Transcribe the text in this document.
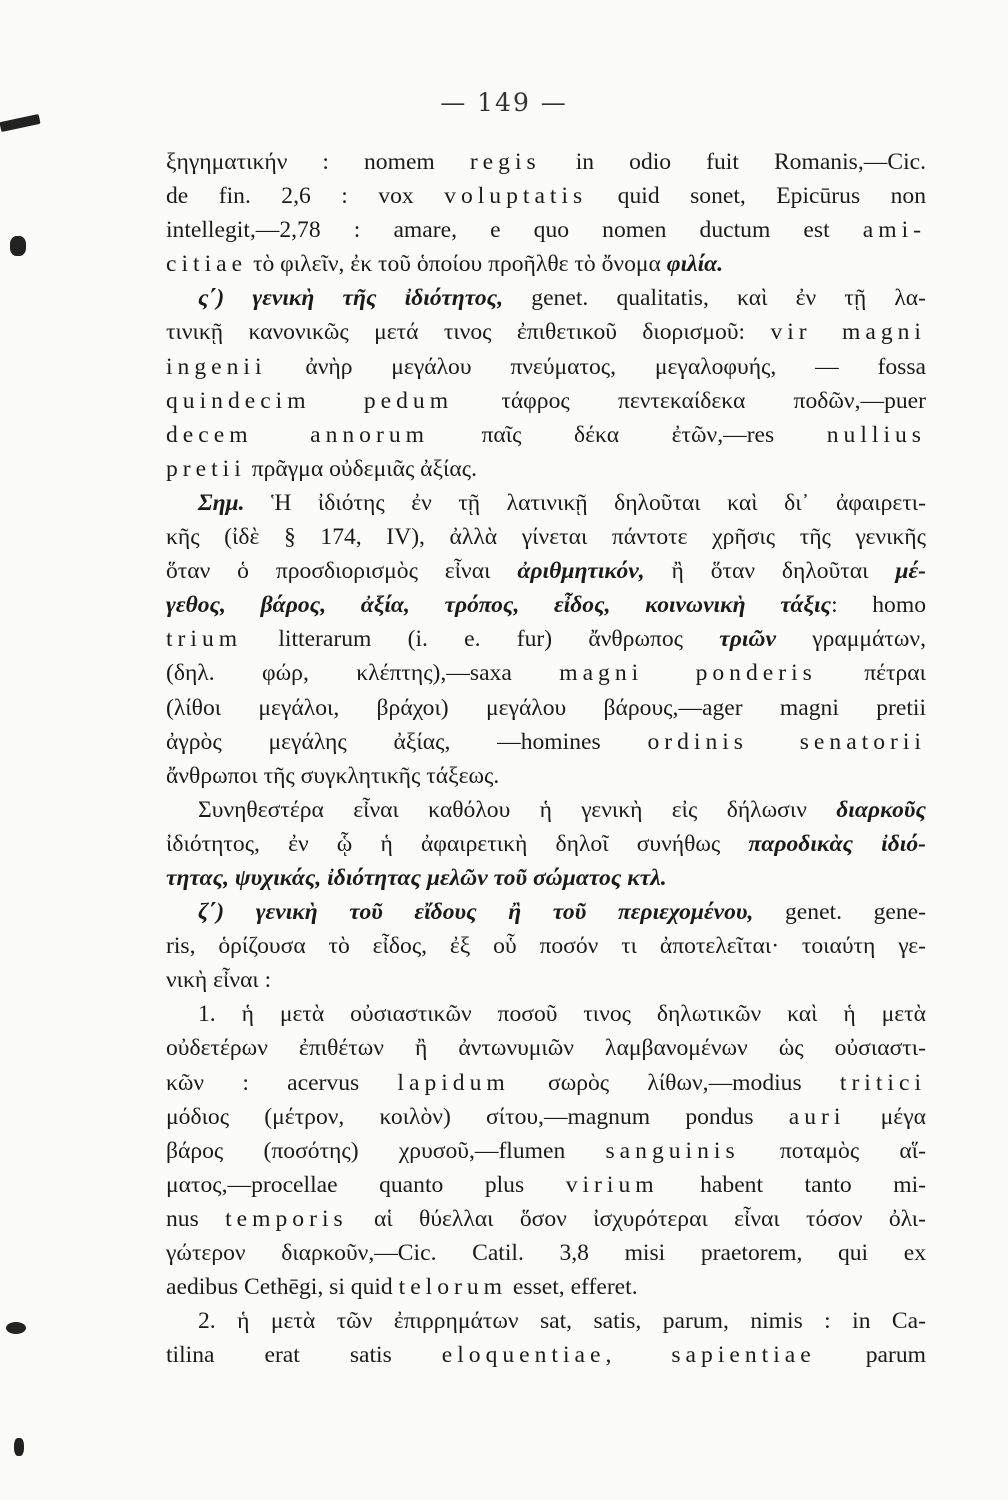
— 149 —
ξηγηματικήν : nomem regis in odio fuit Romanis,—Cic.
de fin. 2,6 : vox voluptatis quid sonet, Epicūrus non
intellegit,—2,78 : amare, e quo nomen ductum est ami-
citiae τὸ φιλεῖν, ἐκ τοῦ ὁποίου προῆλθε τὸ ὄνομα φιλία.
ς΄) γενικὴ τῆς ἰδιότητος, genet. qualitatis, καὶ ἐν τῇ λα-
τινικῇ κανονικῶς μετά τινος ἐπιθετικοῦ διορισμοῦ: vir magni
ingenii ἀνὴρ μεγάλου πνεύματος, μεγαλοφυής, — fossa
quindecim pedum τάφρος πεντεκαίδεκα ποδῶν,—puer
decem annorum παῖς δέκα ἐτῶν,—res nullius
pretii πρᾶγμα οὐδεμιᾶς ἀξίας.
Σημ. Ἡ ἰδιότης ἐν τῇ λατινικῇ δηλοῦται καὶ δι᾿ ἀφαιρετι-
κῆς (ἰδὲ § 174, IV), ἀλλὰ γίνεται πάντοτε χρῆσις τῆς γενικῆς
ὅταν ὁ προσδιορισμὸς εἶναι ἀριθμητικόν, ἢ ὅταν δηλοῦται μέ-
γεθος, βάρος, ἀξία, τρόπος, εἶδος, κοινωνικὴ τάξις: homo
trium litterarum (i. e. fur) ἄνθρωπος τριῶν γραμμάτων,
(δηλ. φώρ, κλέπτης),—saxa magni ponderis πέτραι
(λίθοι μεγάλοι, βράχοι) μεγάλου βάρους,—ager magni pretii
ἀγρὸς μεγάλης ἀξίας, —homines ordinis senatorii
ἄνθρωποι τῆς συγκλητικῆς τάξεως.
Συνηθεστέρα εἶναι καθόλου ἡ γενικὴ εἰς δήλωσιν διαρκοῦς
ἰδιότητος, ἐν ᾧ ἡ ἀφαιρετικὴ δηλοῖ συνήθως παροδικὰς ἰδιό-
τητας, ψυχικάς, ἰδιότητας μελῶν τοῦ σώματος κτλ.
ζ΄) γενικὴ τοῦ εἴδους ἢ τοῦ περιεχομένου, genet. gene-
ris, ὁρίζουσα τὸ εἶδος, ἐξ οὗ ποσόν τι ἀποτελεῖται· τοιαύτη γε-
νικὴ εἶναι :
1. ἡ μετὰ οὐσιαστικῶν ποσοῦ τινος δηλωτικῶν καὶ ἡ μετὰ
οὐδετέρων ἐπιθέτων ἢ ἀντωνυμιῶν λαμβανομένων ὡς οὐσιαστι-
κῶν : acervus lapidum σωρὸς λίθων,—modius tritici
μόδιος (μέτρον, κοιλὸν) σίτου,—magnum pondus auri μέγα
βάρος (ποσότης) χρυσοῦ,—flumen sanguinis ποταμὸς αἵ-
ματος,—procellae quanto plus virium habent tanto mi-
nus temporis αἱ θύελλαι ὅσον ἰσχυρότεραι εἶναι τόσον ὀλι-
γώτερον διαρκοῦν,—Cic. Catil. 3,8 misi praetorem, qui ex
aedibus Cethēgi, si quid telorum esset, efferet.
2. ἡ μετὰ τῶν ἐπιρρημάτων sat, satis, parum, nimis : in Ca-
tilina erat satis eloquentiae, sapientiae parum
